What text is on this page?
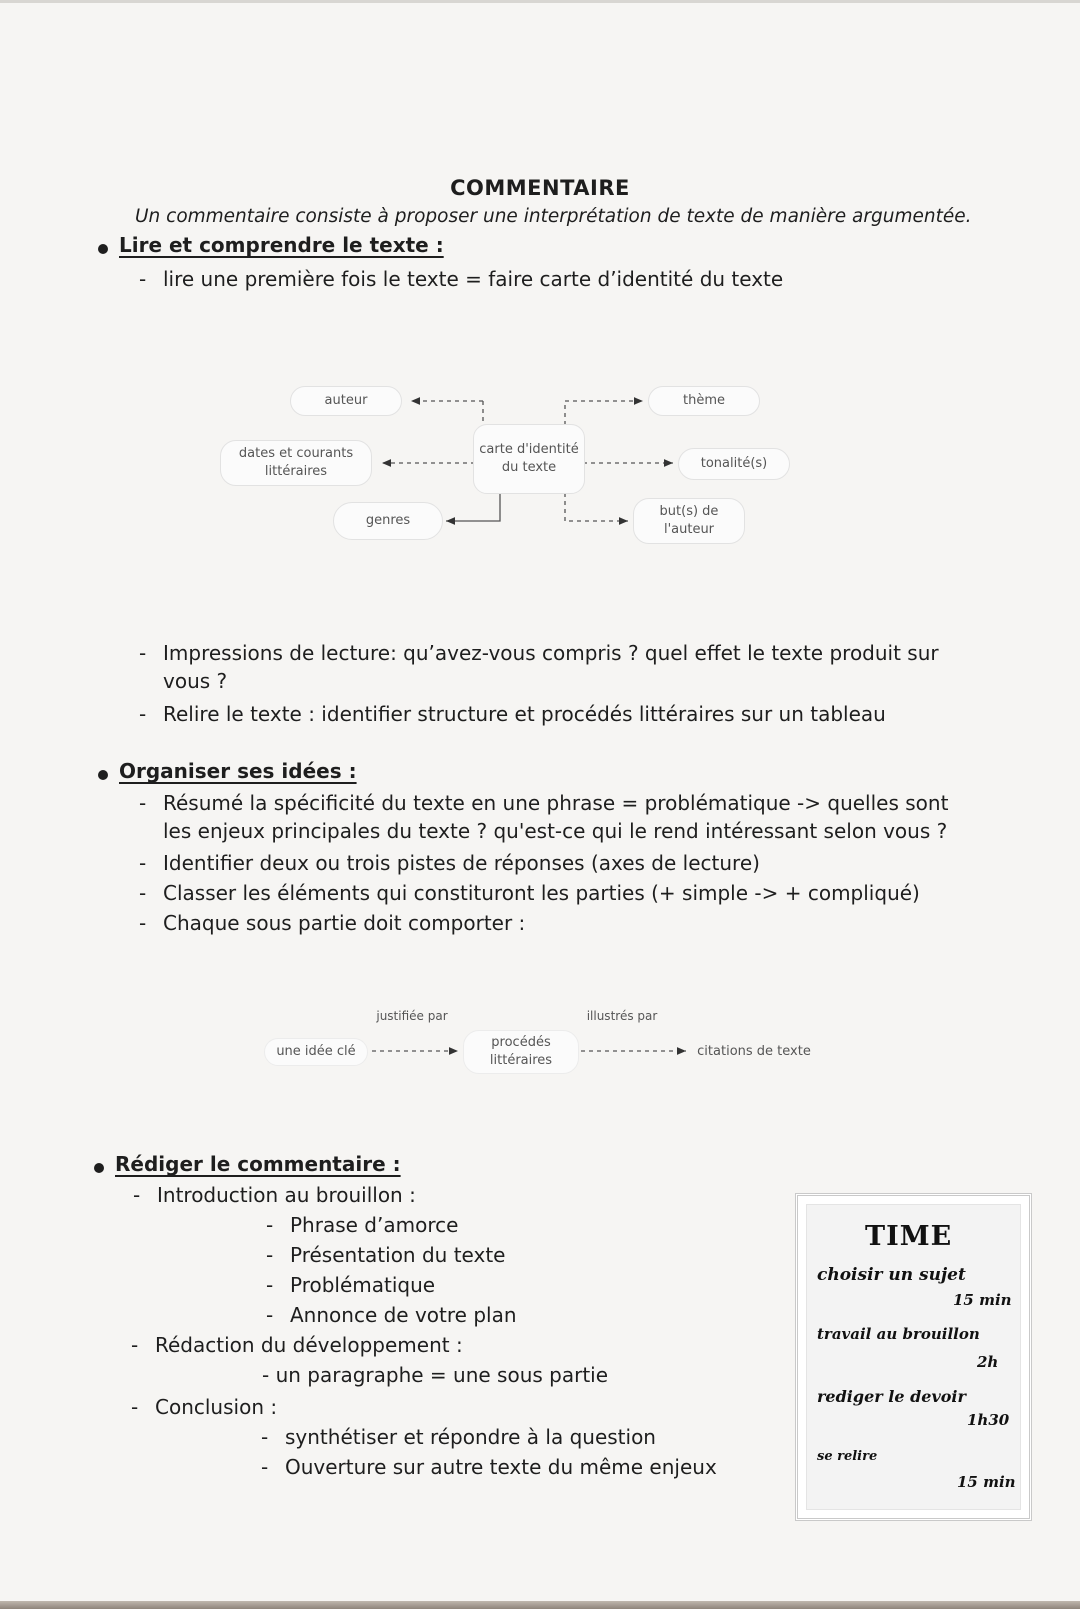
COMMENTAIRE
Un commentaire consiste à proposer une interprétation de texte de manière argumentée.
Lire et comprendre le texte :
- lire une première fois le texte = faire carte d’identité du texte
carte d'identité du texte
auteur
dates et courants littéraires
genres
thème
tonalité(s)
but(s) de l'auteur
- Impressions de lecture: qu’avez-vous compris ? quel effet le texte produit sur vous ?
- Relire le texte : identifier structure et procédés littéraires sur un tableau
Organiser ses idées :
- Résumé la spécificité du texte en une phrase = problématique -> quelles sont les enjeux principales du texte ? qu'est-ce qui le rend intéressant selon vous ?
- Identifier deux ou trois pistes de réponses (axes de lecture)
- Classer les éléments qui constituront les parties (+ simple -> + compliqué)
- Chaque sous partie doit comporter :
une idée clé
justifiée par
procédés littéraires
illustrés par
citations de texte
Rédiger le commentaire :
- Introduction au brouillon :
- Phrase d’amorce
- Présentation du texte
- Problématique
- Annonce de votre plan
- Rédaction du développement :
- un paragraphe = une sous partie
- Conclusion :
- synthétiser et répondre à la question
- Ouverture sur autre texte du même enjeux
TIME
choisir un sujet
15 min
travail au brouillon
2h
rediger le devoir
1h30
se relire
15 min
